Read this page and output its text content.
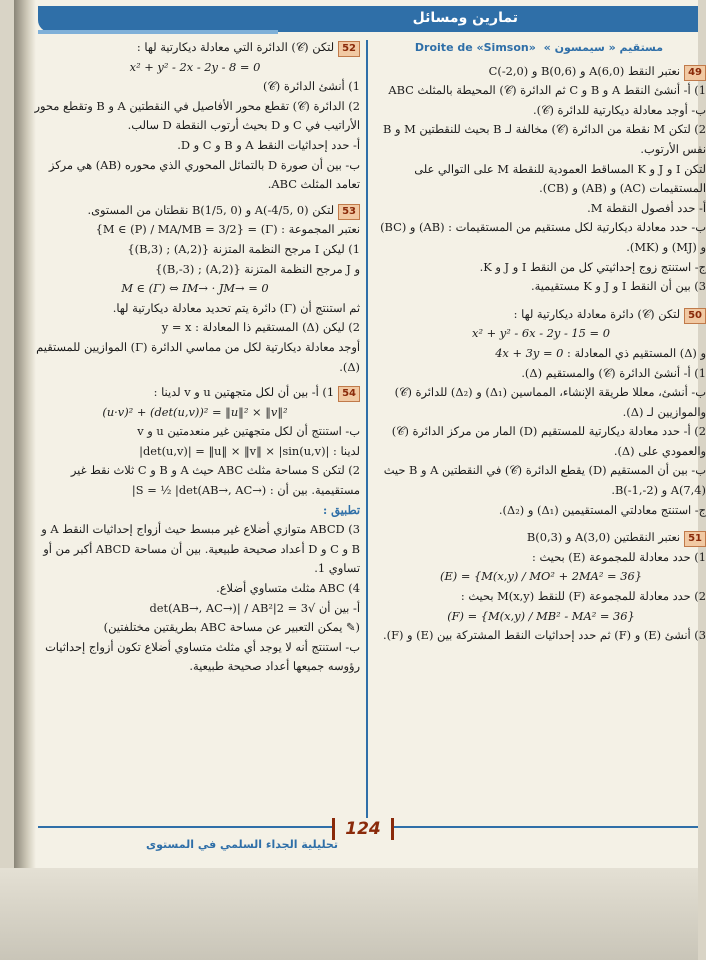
تمارين ومسائل
Droite de «Simson» مستقيم « سيمسون »

49نعتبر النقط A(6,0) و B(0,6) و C(-2,0)

1) أ- أنشئ النقط A و B و C ثم الدائرة (𝒞) المحيطة بالمثلث ABC

ب- أوجد معادلة ديكارتية للدائرة (𝒞).

2) لتكن M نقطة من الدائرة (𝒞) مخالفة لـ B بحيث للنقطتين M و B نفس الأرتوب.

لتكن I و J و K المساقط العمودية للنقطة M على التوالي على المستقيمات (AC) و (AB) و (CB).

أ- حدد أفصول النقطة M.

ب- حدد معادلة ديكارتية لكل مستقيم من المستقيمات : (AB) و (BC) و (MJ) و (MK).

ج- استنتج زوج إحداثيتي كل من النقط I و J و K.

3) بين أن النقط I و J و K مستقيمية.

50لتكن (𝒞) دائرة معادلة ديكارتية لها :

x² + y² - 6x - 2y - 15 = 0

و (Δ) المستقيم ذي المعادلة : 4x + 3y = 0

1) أ- أنشئ الدائرة (𝒞) والمستقيم (Δ).

ب- أنشئ، معللا طريقة الإنشاء، المماسين (Δ₁) و (Δ₂) للدائرة (𝒞) والموازيين لـ (Δ).

2) أ- حدد معادلة ديكارتية للمستقيم (D) المار من مركز الدائرة (𝒞) والعمودي على (Δ).

ب- بين أن المستقيم (D) يقطع الدائرة (𝒞) في النقطتين A و B حيث A(7,4) و B(-1,-2).

ج- استنتج معادلتي المستقيمين (Δ₁) و (Δ₂).

51نعتبر النقطتين A(3,0) و B(0,3)

1) حدد معادلة للمجموعة (E) بحيث :

(E) = {M(x,y) / MO² + 2MA² = 36}

2) حدد معادلة للمجموعة (F) للنقط M(x,y) بحيث :

(F) = {M(x,y) / MB² - MA² = 36}

3) أنشئ (E) و (F) ثم حدد إحداثيات النقط المشتركة بين (E) و (F).

52لتكن (𝒞) الدائرة التي معادلة ديكارتية لها :

x² + y² - 2x - 2y - 8 = 0

1) أنشئ الدائرة (𝒞)

2) الدائرة (𝒞) تقطع محور الأفاصيل في النقطتين A و B وتقطع محور الأراتيب في C و D بحيث أرتوب النقطة D سالب.

أ- حدد إحداثيات النقط A و B و C و D.

ب- بين أن صورة D بالتماثل المحوري الذي محوره (AB) هي مركز تعامد المثلث ABC.

53لتكن A(-4/5, 0) و B(1/5, 0) نقطتان من المستوى.

نعتبر المجموعة : (Γ) = {M ∈ (P) / MA/MB = 3/2}

1) ليكن I مرجح النظمة المتزنة {(A,2) ; (B,3)}

و J مرجح النظمة المتزنة {(A,2) ; (B,-3)}

M ∈ (Γ) ⇔ IM→ · JM→ = 0

ثم استنتج أن (Γ) دائرة يتم تحديد معادلة ديكارتية لها.

2) ليكن (Δ) المستقيم ذا المعادلة : y = x

أوجد معادلة ديكارتية لكل من مماسي الدائرة (Γ) الموازيين للمستقيم (Δ).

541) أ- بين أن لكل متجهتين u و v لدينا :

(u·v)² + (det(u,v))² = ‖u‖² × ‖v‖²

ب- استنتج أن لكل متجهتين غير منعدمتين u و v

لدينا : |det(u,v)| = ‖u‖ × ‖v‖ × |sin(u,v)|

2) لتكن S مساحة مثلث ABC حيث A و B و C ثلاث نقط غير مستقيمية. بين أن : S = ½ |det(AB→, AC→)|

تطبيق :

3) ABCD متوازي أضلاع غير مبسط حيث أزواج إحداثيات النقط A و B و C و D أعداد صحيحة طبيعية. بين أن مساحة ABCD أكبر من أو تساوي 1.

4) ABC مثلث متساوي أضلاع.

أ- بين أن √3 = 2|det(AB→, AC→)| / AB²

(✎ يمكن التعبير عن مساحة ABC بطريقتين مختلفتين)

ب- استنتج أنه لا يوجد أي مثلث متساوي أضلاع تكون أزواج إحداثيات رؤوسه جميعها أعداد صحيحة طبيعية.

124
تحليلية الجداء السلمي في المستوى
